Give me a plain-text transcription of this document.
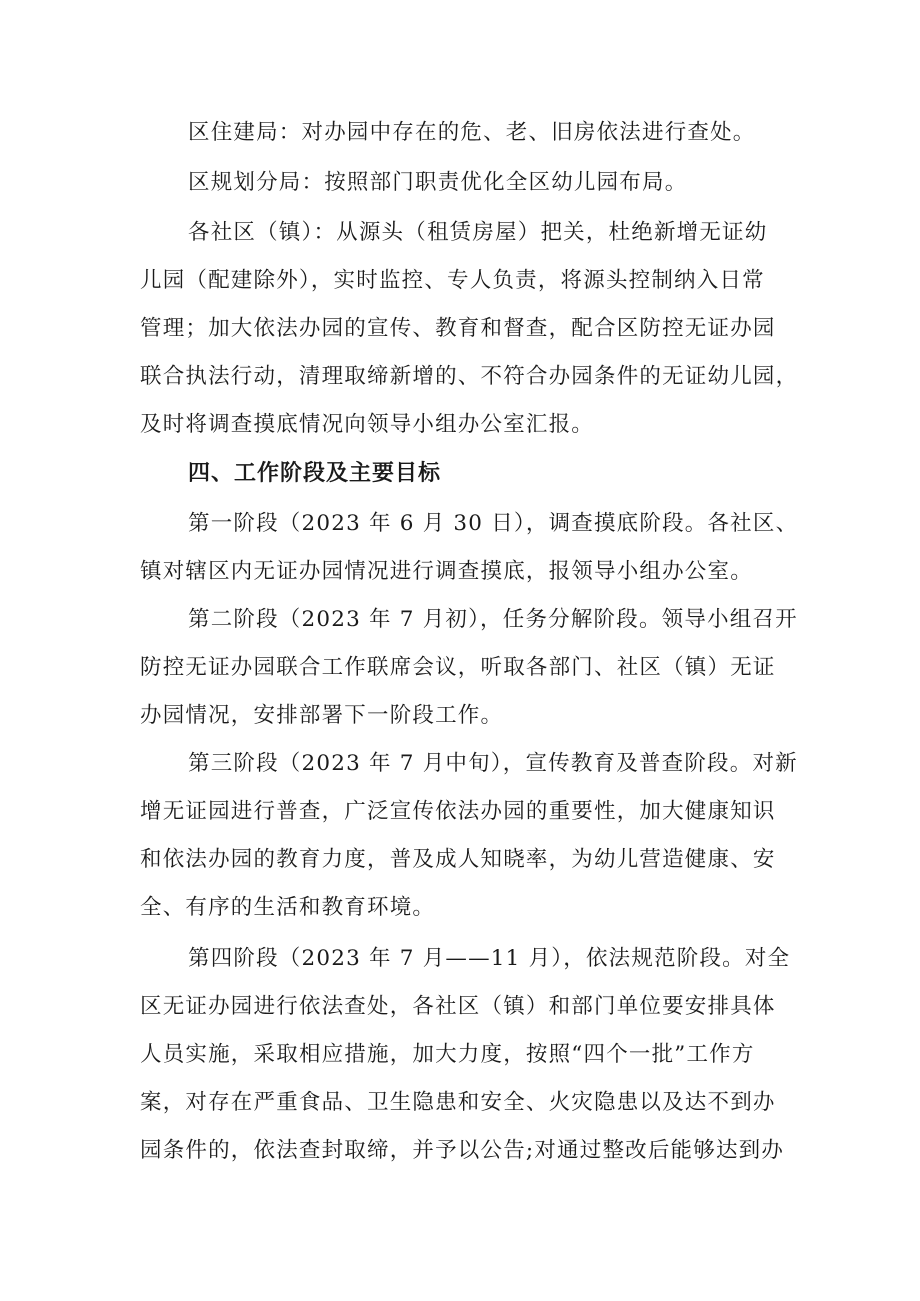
区住建局：对办园中存在的危、老、旧房依法进行查处。
区规划分局：按照部门职责优化全区幼儿园布局。
各社区（镇）：从源头（租赁房屋）把关，杜绝新增无证幼
儿园（配建除外），实时监控、专人负责，将源头控制纳入日常
管理；加大依法办园的宣传、教育和督查，配合区防控无证办园
联合执法行动，清理取缔新增的、不符合办园条件的无证幼儿园，
及时将调查摸底情况向领导小组办公室汇报。
四、工作阶段及主要目标
第一阶段（2023 年 6 月 30 日），调查摸底阶段。各社区、
镇对辖区内无证办园情况进行调查摸底，报领导小组办公室。
第二阶段（2023 年 7 月初），任务分解阶段。领导小组召开
防控无证办园联合工作联席会议，听取各部门、社区（镇）无证
办园情况，安排部署下一阶段工作。
第三阶段（2023 年 7 月中旬），宣传教育及普查阶段。对新
增无证园进行普查，广泛宣传依法办园的重要性，加大健康知识
和依法办园的教育力度，普及成人知晓率，为幼儿营造健康、安
全、有序的生活和教育环境。
第四阶段（2023 年 7 月——11 月），依法规范阶段。对全
区无证办园进行依法查处，各社区（镇）和部门单位要安排具体
人员实施，采取相应措施，加大力度，按照“四个一批”工作方
案，对存在严重食品、卫生隐患和安全、火灾隐患以及达不到办
园条件的，依法查封取缔，并予以公告;对通过整改后能够达到办
